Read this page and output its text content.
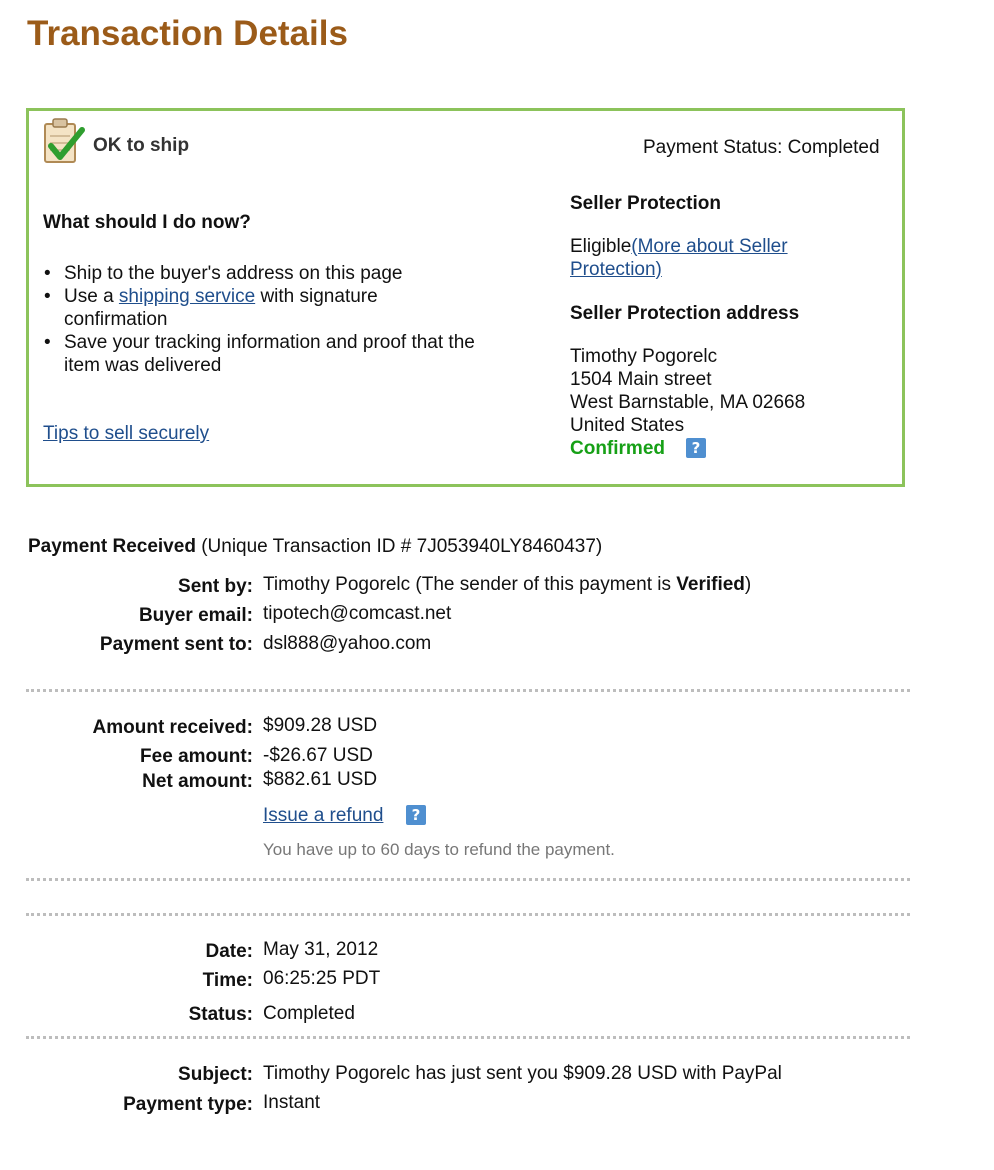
Transaction Details
OK to ship	Payment Status: Completed
What should I do now?
• Ship to the buyer's address on this page
• Use a shipping service with signature
confirmation
• Save your tracking information and proof that the
item was delivered
Tips to sell securely
Seller Protection
Eligible(More about Seller
Protection)
Seller Protection address
Timothy Pogorelc
1504 Main street
West Barnstable, MA 02668
United States
Confirmed	?
Payment Received (Unique Transaction ID # 7J053940LY8460437)
Sent by: Timothy Pogorelc (The sender of this payment is Verified)
Buyer email: tipotech@comcast.net
Payment sent to: dsl888@yahoo.com
Amount received: $909.28 USD
Fee amount: -$26.67 USD
Net amount: $882.61 USD
Issue a refund	?
You have up to 60 days to refund the payment.
Date: May 31, 2012
Time: 06:25:25 PDT
Status: Completed
Subject: Timothy Pogorelc has just sent you $909.28 USD with PayPal
Payment type: Instant
